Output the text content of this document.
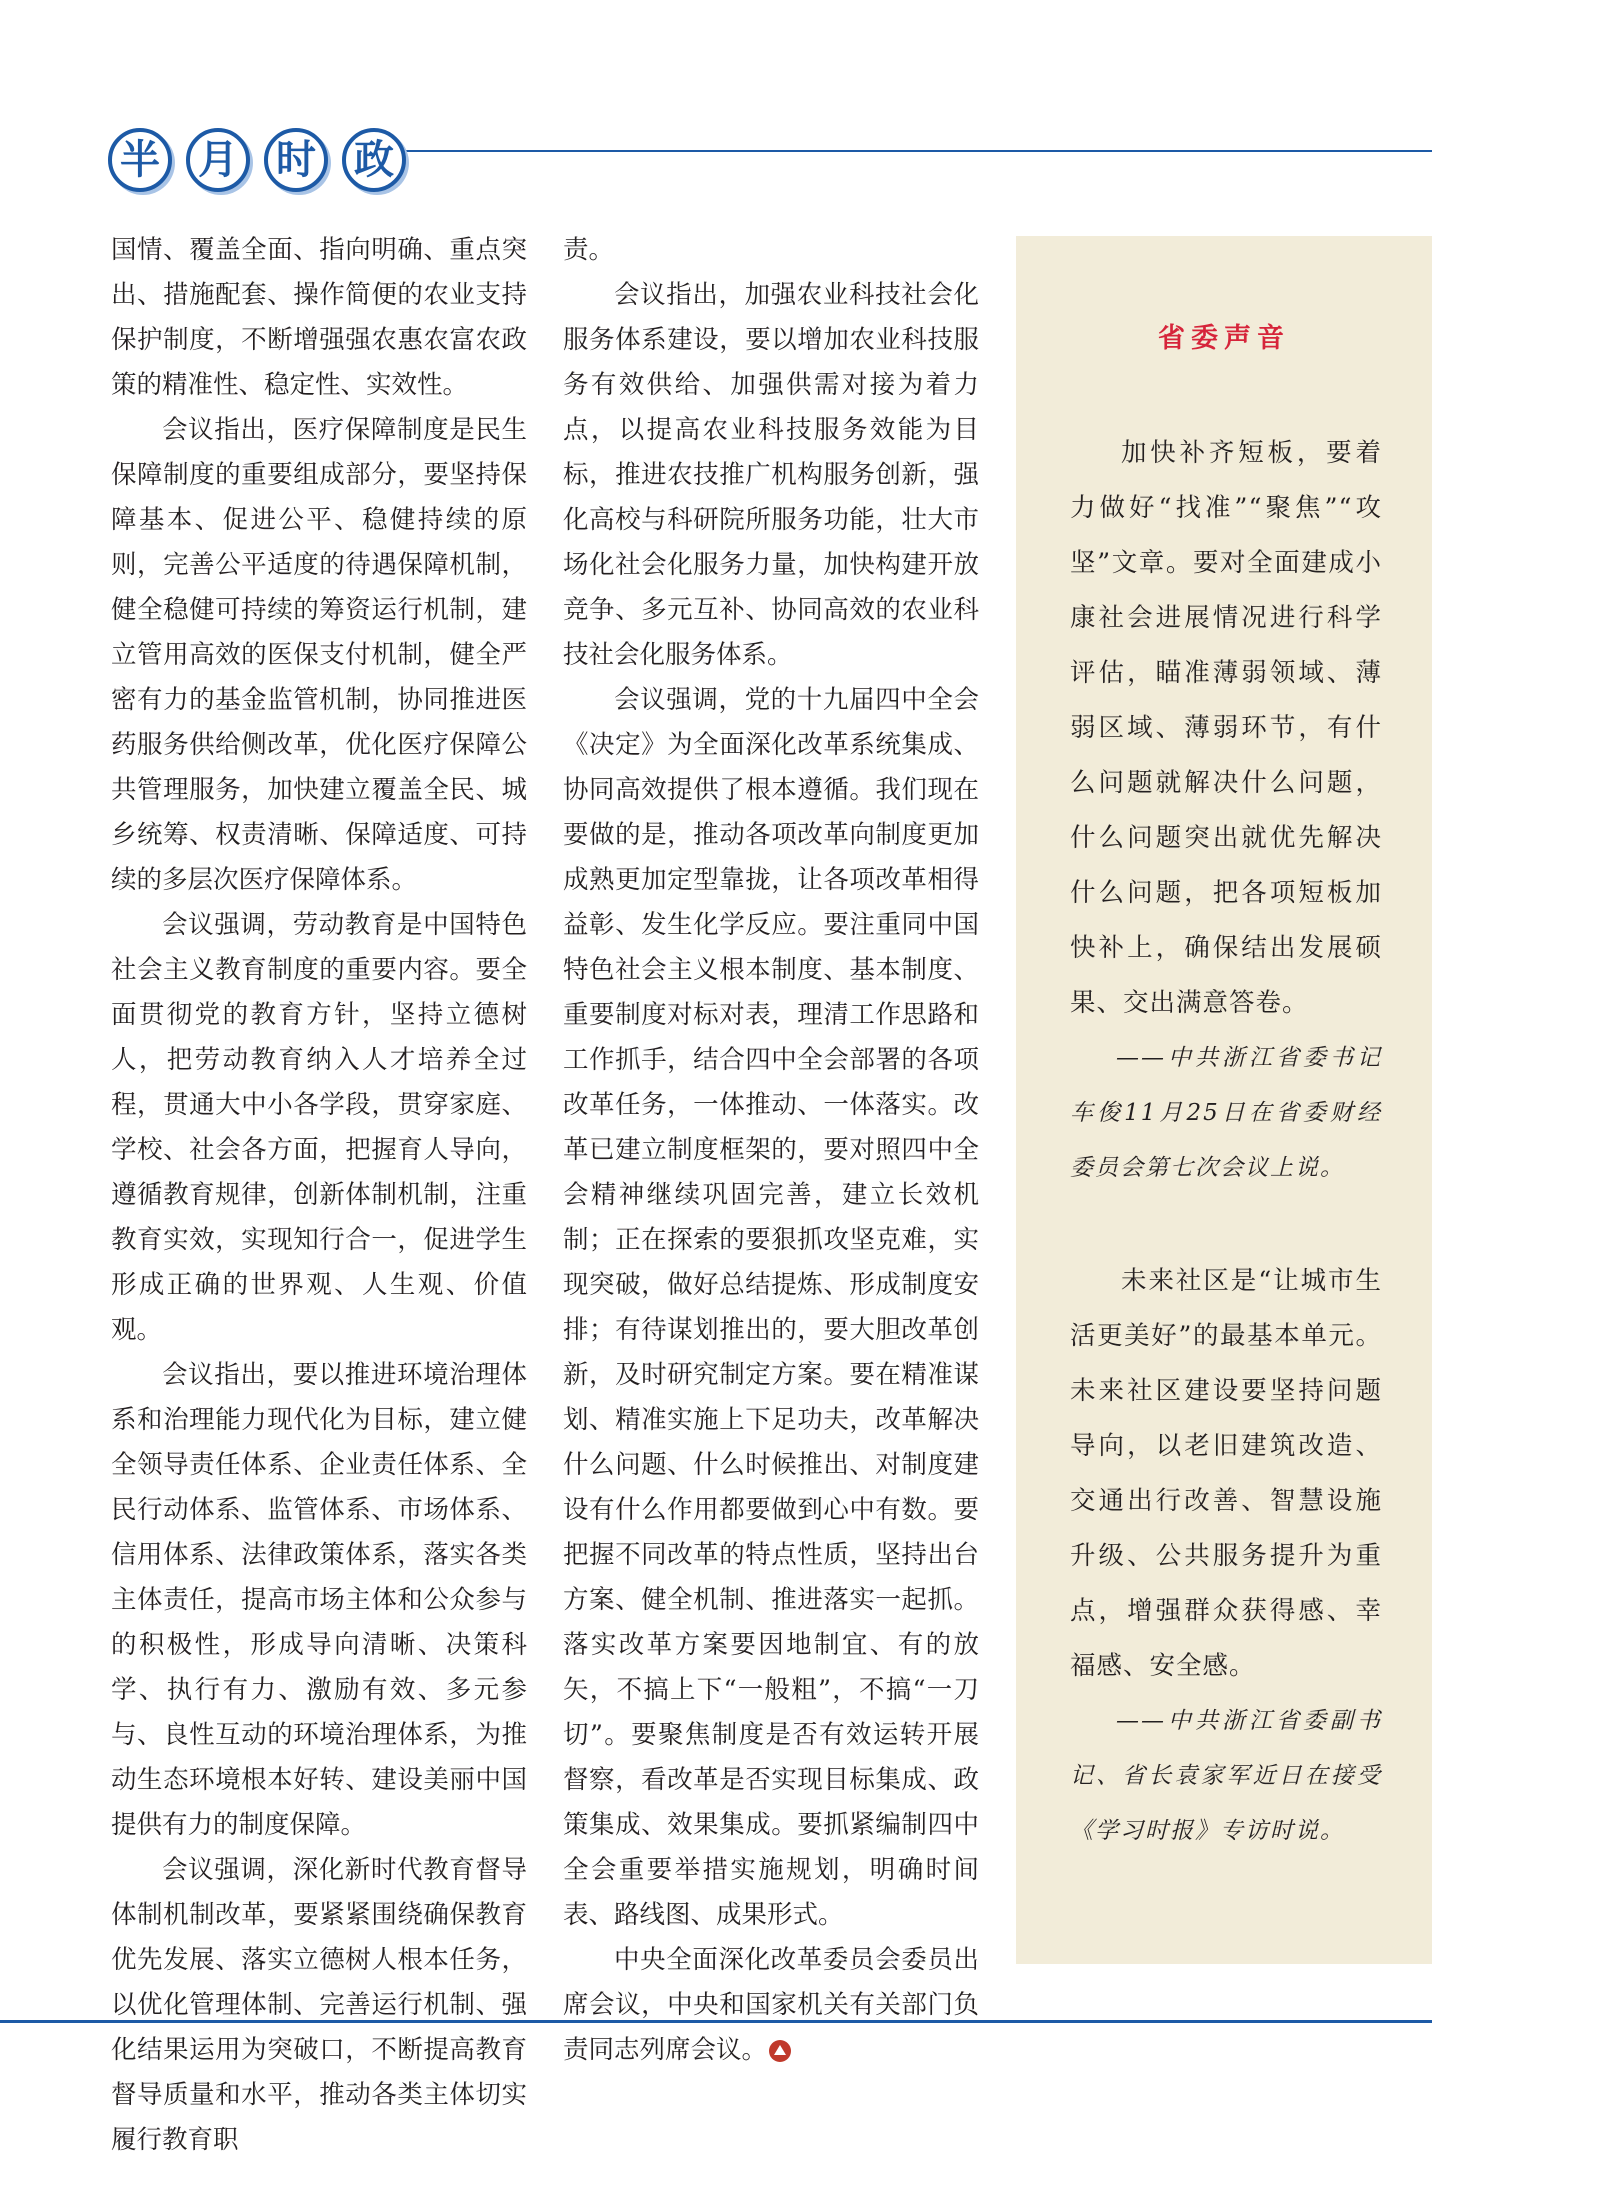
半 月 时 政

国情、覆盖全面、指向明确、重点突出、措施配套、操作简便的农业支持保护制度，不断增强强农惠农富农政策的精准性、稳定性、实效性。

会议指出，医疗保障制度是民生保障制度的重要组成部分，要坚持保障基本、促进公平、稳健持续的原则，完善公平适度的待遇保障机制，健全稳健可持续的筹资运行机制，建立管用高效的医保支付机制，健全严密有力的基金监管机制，协同推进医药服务供给侧改革，优化医疗保障公共管理服务，加快建立覆盖全民、城乡统筹、权责清晰、保障适度、可持续的多层次医疗保障体系。

会议强调，劳动教育是中国特色社会主义教育制度的重要内容。要全面贯彻党的教育方针，坚持立德树人，把劳动教育纳入人才培养全过程，贯通大中小各学段，贯穿家庭、学校、社会各方面，把握育人导向，遵循教育规律，创新体制机制，注重教育实效，实现知行合一，促进学生形成正确的世界观、人生观、价值观。

会议指出，要以推进环境治理体系和治理能力现代化为目标，建立健全领导责任体系、企业责任体系、全民行动体系、监管体系、市场体系、信用体系、法律政策体系，落实各类主体责任，提高市场主体和公众参与的积极性，形成导向清晰、决策科学、执行有力、激励有效、多元参与、良性互动的环境治理体系，为推动生态环境根本好转、建设美丽中国提供有力的制度保障。

会议强调，深化新时代教育督导体制机制改革，要紧紧围绕确保教育优先发展、落实立德树人根本任务，以优化管理体制、完善运行机制、强化结果运用为突破口，不断提高教育督导质量和水平，推动各类主体切实履行教育职

责。

会议指出，加强农业科技社会化服务体系建设，要以增加农业科技服务有效供给、加强供需对接为着力点，以提高农业科技服务效能为目标，推进农技推广机构服务创新，强化高校与科研院所服务功能，壮大市场化社会化服务力量，加快构建开放竞争、多元互补、协同高效的农业科技社会化服务体系。

会议强调，党的十九届四中全会《决定》为全面深化改革系统集成、协同高效提供了根本遵循。我们现在要做的是，推动各项改革向制度更加成熟更加定型靠拢，让各项改革相得益彰、发生化学反应。要注重同中国特色社会主义根本制度、基本制度、重要制度对标对表，理清工作思路和工作抓手，结合四中全会部署的各项改革任务，一体推动、一体落实。改革已建立制度框架的，要对照四中全会精神继续巩固完善，建立长效机制；正在探索的要狠抓攻坚克难，实现突破，做好总结提炼、形成制度安排；有待谋划推出的，要大胆改革创新，及时研究制定方案。要在精准谋划、精准实施上下足功夫，改革解决什么问题、什么时候推出、对制度建设有什么作用都要做到心中有数。要把握不同改革的特点性质，坚持出台方案、健全机制、推进落实一起抓。落实改革方案要因地制宜、有的放矢，不搞上下“一般粗”，不搞“一刀切”。要聚焦制度是否有效运转开展督察，看改革是否实现目标集成、政策集成、效果集成。要抓紧编制四中全会重要举措实施规划，明确时间表、路线图、成果形式。

中央全面深化改革委员会委员出席会议，中央和国家机关有关部门负责同志列席会议。

省委声音

加快补齐短板，要着力做好“找准”“聚焦”“攻坚”文章。要对全面建成小康社会进展情况进行科学评估，瞄准薄弱领域、薄弱区域、薄弱环节，有什么问题就解决什么问题，什么问题突出就优先解决什么问题，把各项短板加快补上，确保结出发展硕果、交出满意答卷。

——中共浙江省委书记车俊11月25日在省委财经委员会第七次会议上说。

未来社区是“让城市生活更美好”的最基本单元。未来社区建设要坚持问题导向，以老旧建筑改造、交通出行改善、智慧设施升级、公共服务提升为重点，增强群众获得感、幸福感、安全感。

——中共浙江省委副书记、省长袁家军近日在接受《学习时报》专访时说。
